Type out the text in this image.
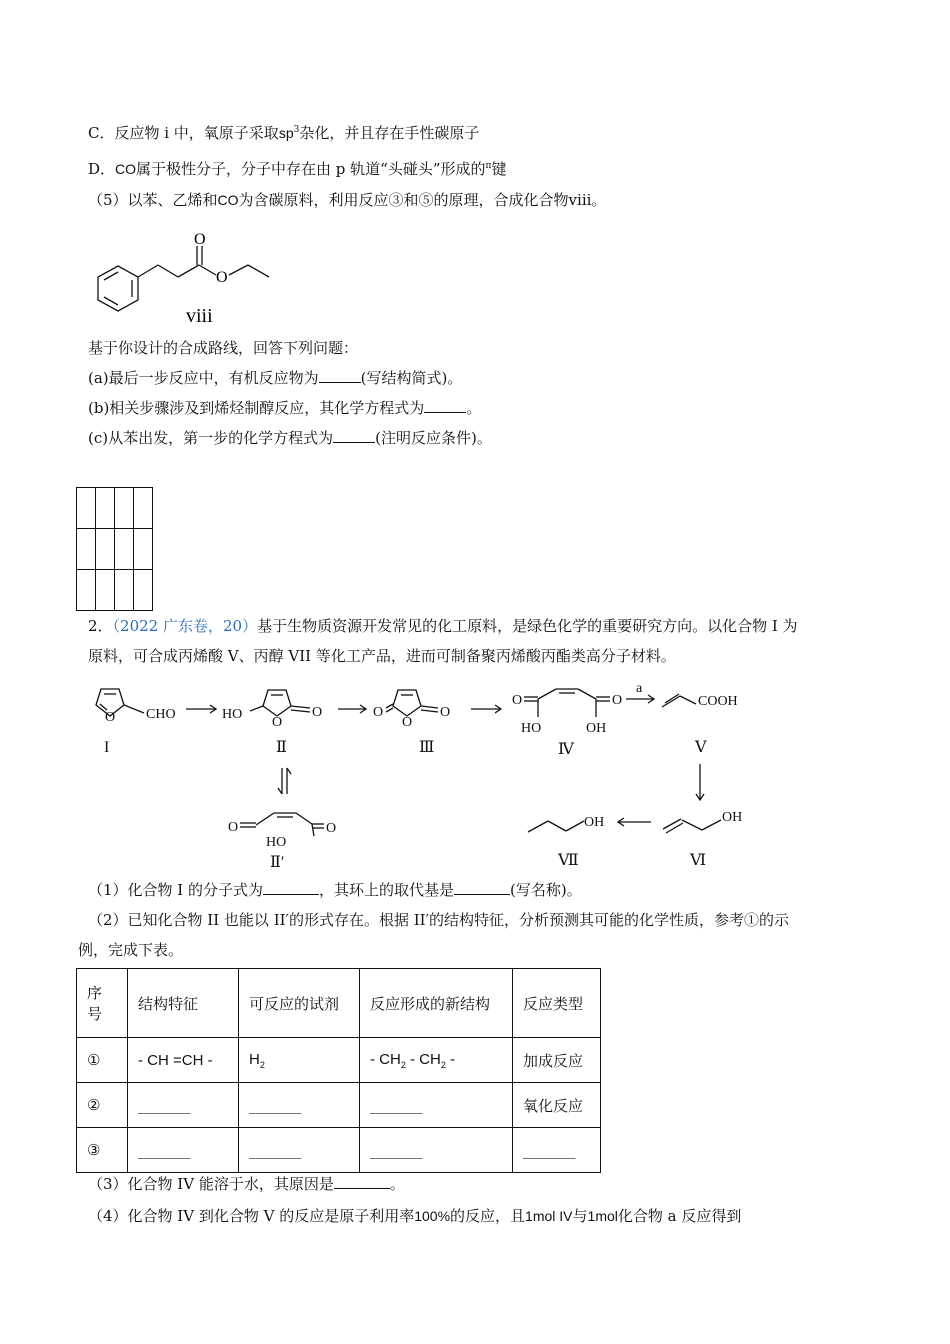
C．反应物 i 中，氧原子采取$sp^3$杂化，并且存在手性碳原子
D．CO属于极性分子，分子中存在由 p 轨道“头碰头”形成的$^\pi$键
（5）以苯、乙烯和CO为含碳原料，利用反应③和⑤的原理，合成化合物viii。
O
O
viii
基于你设计的合成路线，回答下列问题：
(a)最后一步反应中，有机反应物为	(写结构简式)。
(b)相关步骤涉及到烯烃制醇反应，其化学方程式为	。
(c)从苯出发，第一步的化学方程式为	(注明反应条件)。

2．（2022 广东卷，20）基于生物质资源开发常见的化工原料，是绿色化学的重要研究方向。以化合物 I 为
原料，可合成丙烯酸 V、丙醇 VII 等化工产品，进而可制备聚丙烯酸丙酯类高分子材料。
O CHO
I
HO
O
O
Ⅱ
O
O
O
Ⅲ
O	O
HO	OH
Ⅳ
a
COOH
Ⅴ
O	O
HO
Ⅱ′
OH
Ⅵ
OH
Ⅶ
（1）化合物 I 的分子式为	，其环上的取代基是	(写名称)。
（2）已知化合物 II 也能以 II′的形式存在。根据 II′的结构特征，分析预测其可能的化学性质，参考①的示
例，完成下表。
序
号	结构特征	可反应的试剂	反应形成的新结构	反应类型
①	- CH =CH -	$H_2$	- $CH_2 - CH_2$ -	加成反应
②	_______	_______	_______	氧化反应
③	_______	_______	_______	_______
（3）化合物 IV 能溶于水，其原因是	。
（4）化合物 IV 到化合物 V 的反应是原子利用率100%的反应，且1mol IV与1mol化合物 a 反应得到
